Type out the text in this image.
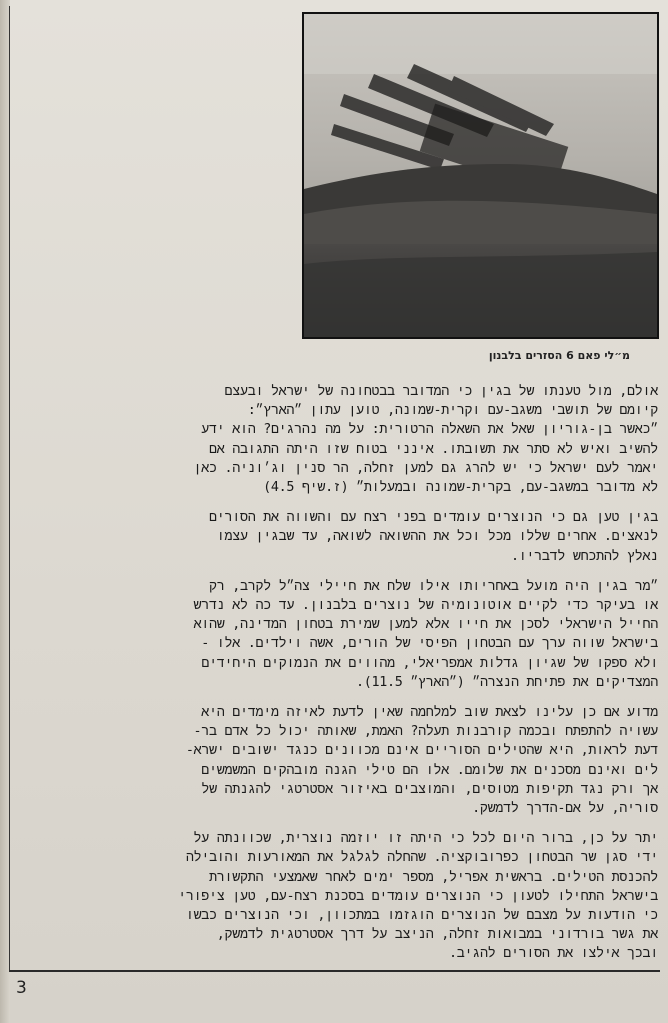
מ״לי פאם 6 הסזרים בלבנון
אולם, מול טענתו של בגין כי המדובר בבטחונה של ישראל ובעצם
קיומם של תושבי משגב-עם וקרית-שמונה, טוען עתון ״הארץ״:
״כאשר בן-גוריון שאל את השאלה הרטורית: על מה נהרגים? הוא ידע
להשיב ואיש לא סתר את תשובתו. אינני בטוח שזו היתה התגובה אם
יאמר לעם ישראל כי יש להרג גם למען זחלה, הר סנין וג׳וניה. כאן
לא מדובר במשגב-עם, בקרית-שמונה ובמעלות״ (ז.שיף 4.5)
בגין טען גם כי הנוצרים עומדים בפני רצח עם והשווה את הסורים
לנאצים. אחרים שללו מכל וכל את ההשואה לשואה, עד שבגין עצמו
נאלץ להתכחש לדבריו.
״מר בגין היה מועל באחריותו אילו שלח את חיילי צה״ל לקרב, רק
או בעיקר כדי לקיים אוטונומיה של נוצרים בלבנון. עד כה לא נדרש
החייל הישראלי לסכן את חייו אלא למען שמירת בטחון המדינה, שהוא
בישראל שווה ערך עם הבטחון הפיסי של הורים, אשה וילדים. אלו -
ולא ספקו של שגיון גדלות אמפריאלי, מהווים את הנמוקים היחידים
המצדיקים את פתיחת הנצרה״ (״הארץ״ 11.5).
מדוע אם כן עלינו לצאת שוב למלחמה שאין לדעת לאיזה מימדים היא
עשויה להתפתח ובכמה קורבנות תעלה? האמת, שאותה יכול כל אדם בר-
דעת לראות, היא שהטילים הסוריים אינם מכוונים כנגד ישובים ישרא-
לים ואינם מסכנים את שלומם. אלו הם טילי הגנה מובהקים המשמשים
אך ורק נגד תקיפות מטוסים, והמוצבים באיזור אסטרטגי להגנתה של
סוריה, על אם-הדרך לדמשק.
יתר על כן, ברור היום לכל כי היתה זו יוזמה נוצרית, שכוונתה על
ידי סגן שר הבטחון כפרובוקציה. שהחלה לגלגל את המאורעות והובילה
להכנסת הטילים. בראשית אפריל, מספר ימים לאחר שאמצעי התקשורת
בישראל התחילו לטעון כי הנוצרים עומדים בסכנת רצח-עם, טען ציפורי
כי הודעות על מצבם של הנוצרים הוגזמו במתכוון, וכי הנוצרים כבשו
את גשר בורדוני במבואות זחלה, הניצב על דרך אסטרטגית לדמשק,
ובכך אילצו את הסורים להגיב.
3
